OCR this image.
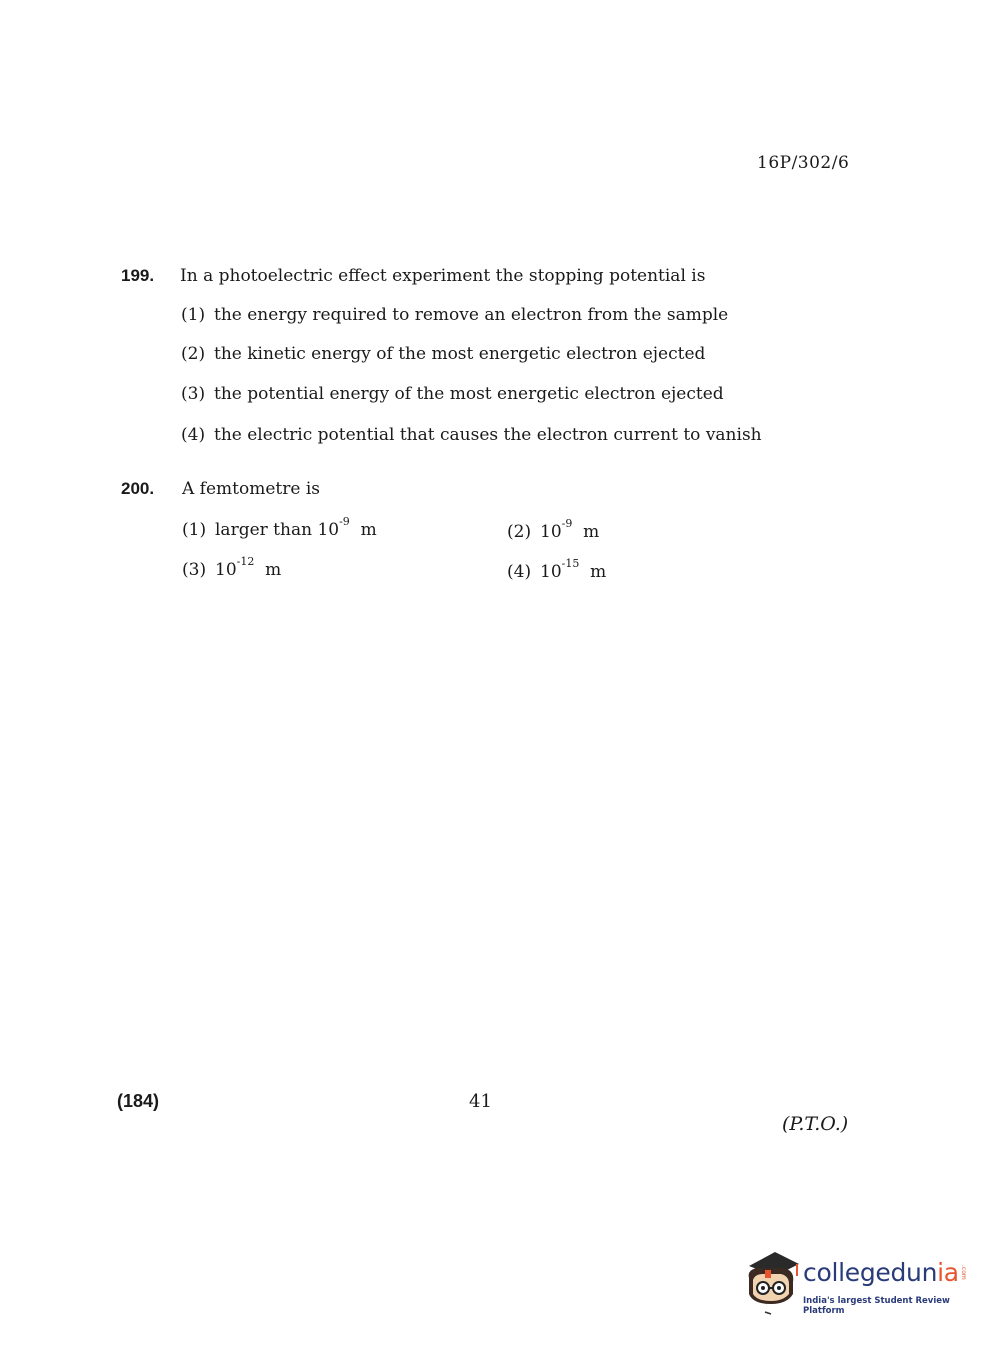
16P/302/6
199. In a photoelectric effect experiment the stopping potential is
(1) the energy required to remove an electron from the sample
(2) the kinetic energy of the most energetic electron ejected
(3) the potential energy of the most energetic electron ejected
(4) the electric potential that causes the electron current to vanish
200. A femtometre is
(1) larger than $10^{-9}$ m	(2) $10^{-9}$ m
(3) $10^{-12}$ m	(4) $10^{-15}$ m
(184)	41
(P.T.O.)
collegedunia .com
India's largest Student Review Platform
